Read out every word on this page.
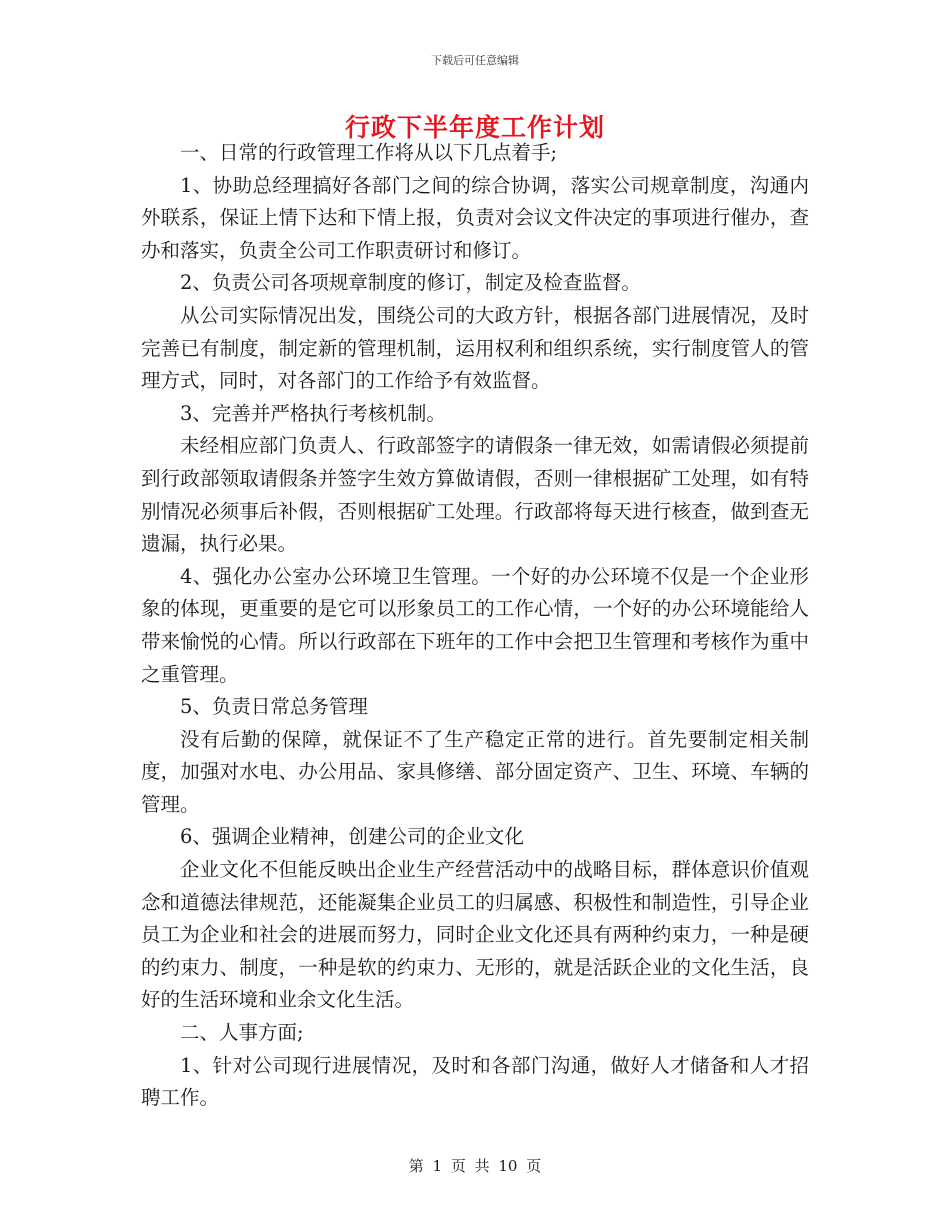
下载后可任意编辑
行政下半年度工作计划

一、日常的行政管理工作将从以下几点着手;

1、协助总经理搞好各部门之间的综合协调，落实公司规章制度，沟通内外联系，保证上情下达和下情上报，负责对会议文件决定的事项进行催办，查办和落实，负责全公司工作职责研讨和修订。

2、负责公司各项规章制度的修订，制定及检查监督。

从公司实际情况出发，围绕公司的大政方针，根据各部门进展情况，及时完善已有制度，制定新的管理机制，运用权利和组织系统，实行制度管人的管理方式，同时，对各部门的工作给予有效监督。

3、完善并严格执行考核机制。

未经相应部门负责人、行政部签字的请假条一律无效，如需请假必须提前到行政部领取请假条并签字生效方算做请假，否则一律根据矿工处理，如有特别情况必须事后补假，否则根据矿工处理。行政部将每天进行核查，做到查无遗漏，执行必果。

4、强化办公室办公环境卫生管理。一个好的办公环境不仅是一个企业形象的体现，更重要的是它可以形象员工的工作心情，一个好的办公环境能给人带来愉悦的心情。所以行政部在下班年的工作中会把卫生管理和考核作为重中之重管理。

5、负责日常总务管理

没有后勤的保障，就保证不了生产稳定正常的进行。首先要制定相关制度，加强对水电、办公用品、家具修缮、部分固定资产、卫生、环境、车辆的管理。

6、强调企业精神，创建公司的企业文化

企业文化不但能反映出企业生产经营活动中的战略目标，群体意识价值观念和道德法律规范，还能凝集企业员工的归属感、积极性和制造性，引导企业员工为企业和社会的进展而努力，同时企业文化还具有两种约束力，一种是硬的约束力、制度，一种是软的约束力、无形的，就是活跃企业的文化生活，良好的生活环境和业余文化生活。

二、人事方面;

1、针对公司现行进展情况，及时和各部门沟通，做好人才储备和人才招聘工作。

第 1 页 共 10 页
